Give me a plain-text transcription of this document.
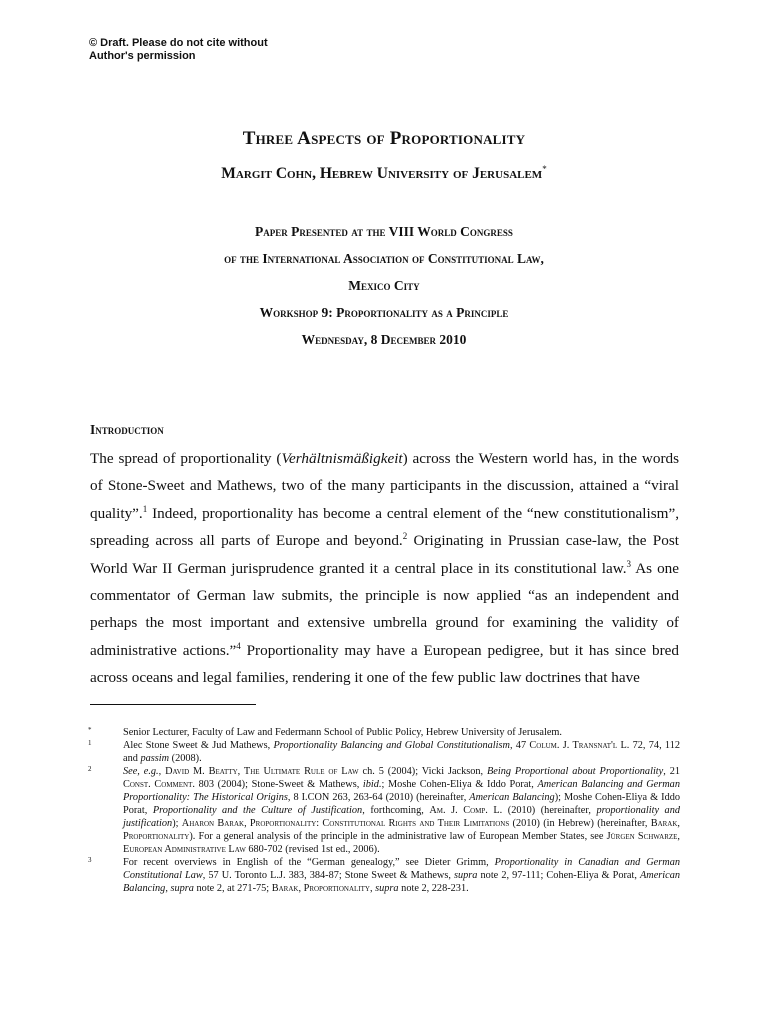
© Draft. Please do not cite without
Author's permission
Three Aspects of Proportionality
Margit Cohn, Hebrew University of Jerusalem*
Paper Presented at the VIII World Congress
of the International Association of Constitutional Law,
Mexico City
Workshop 9: Proportionality as a Principle
Wednesday, 8 December 2010
Introduction
The spread of proportionality (Verhältnismäßigkeit) across the Western world has, in the words of Stone-Sweet and Mathews, two of the many participants in the discussion, attained a “viral quality”.$^1$ Indeed, proportionality has become a central element of the “new constitutionalism”, spreading across all parts of Europe and beyond.$^2$ Originating in Prussian case-law, the Post World War II German jurisprudence granted it a central place in its constitutional law.$^3$ As one commentator of German law submits, the principle is now applied “as an independent and perhaps the most important and extensive umbrella ground for examining the validity of administrative actions.”$^4$ Proportionality may have a European pedigree, but it has since bred across oceans and legal families, rendering it one of the few public law doctrines that have
*	Senior Lecturer, Faculty of Law and Federmann School of Public Policy, Hebrew University of Jerusalem.
1	Alec Stone Sweet & Jud Mathews, Proportionality Balancing and Global Constitutionalism, 47 Colum. J. Transnat'l L. 72, 74, 112 and passim (2008).
2	See, e.g., David M. Beatty, The Ultimate Rule of Law ch. 5 (2004); Vicki Jackson, Being Proportional about Proportionality, 21 Const. Comment. 803 (2004); Stone-Sweet & Mathews, ibid.; Moshe Cohen-Eliya & Iddo Porat, American Balancing and German Proportionality: The Historical Origins, 8 I.CON 263, 263-64 (2010) (hereinafter, American Balancing); Moshe Cohen-Eliya & Iddo Porat, Proportionality and the Culture of Justification, forthcoming, Am. J. Comp. L. (2010) (hereinafter, proportionality and justification); Aharon Barak, Proportionality: Constitutional Rights and Their Limitations (2010) (in Hebrew) (hereinafter, Barak, Proportionality). For a general analysis of the principle in the administrative law of European Member States, see Jürgen Schwarze, European Administrative Law 680-702 (revised 1st ed., 2006).
3	For recent overviews in English of the “German genealogy,” see Dieter Grimm, Proportionality in Canadian and German Constitutional Law, 57 U. Toronto L.J. 383, 384-87; Stone Sweet & Mathews, supra note 2, 97-111; Cohen-Eliya & Porat, American Balancing, supra note 2, at 271-75; Barak, Proportionality, supra note 2, 228-231.
